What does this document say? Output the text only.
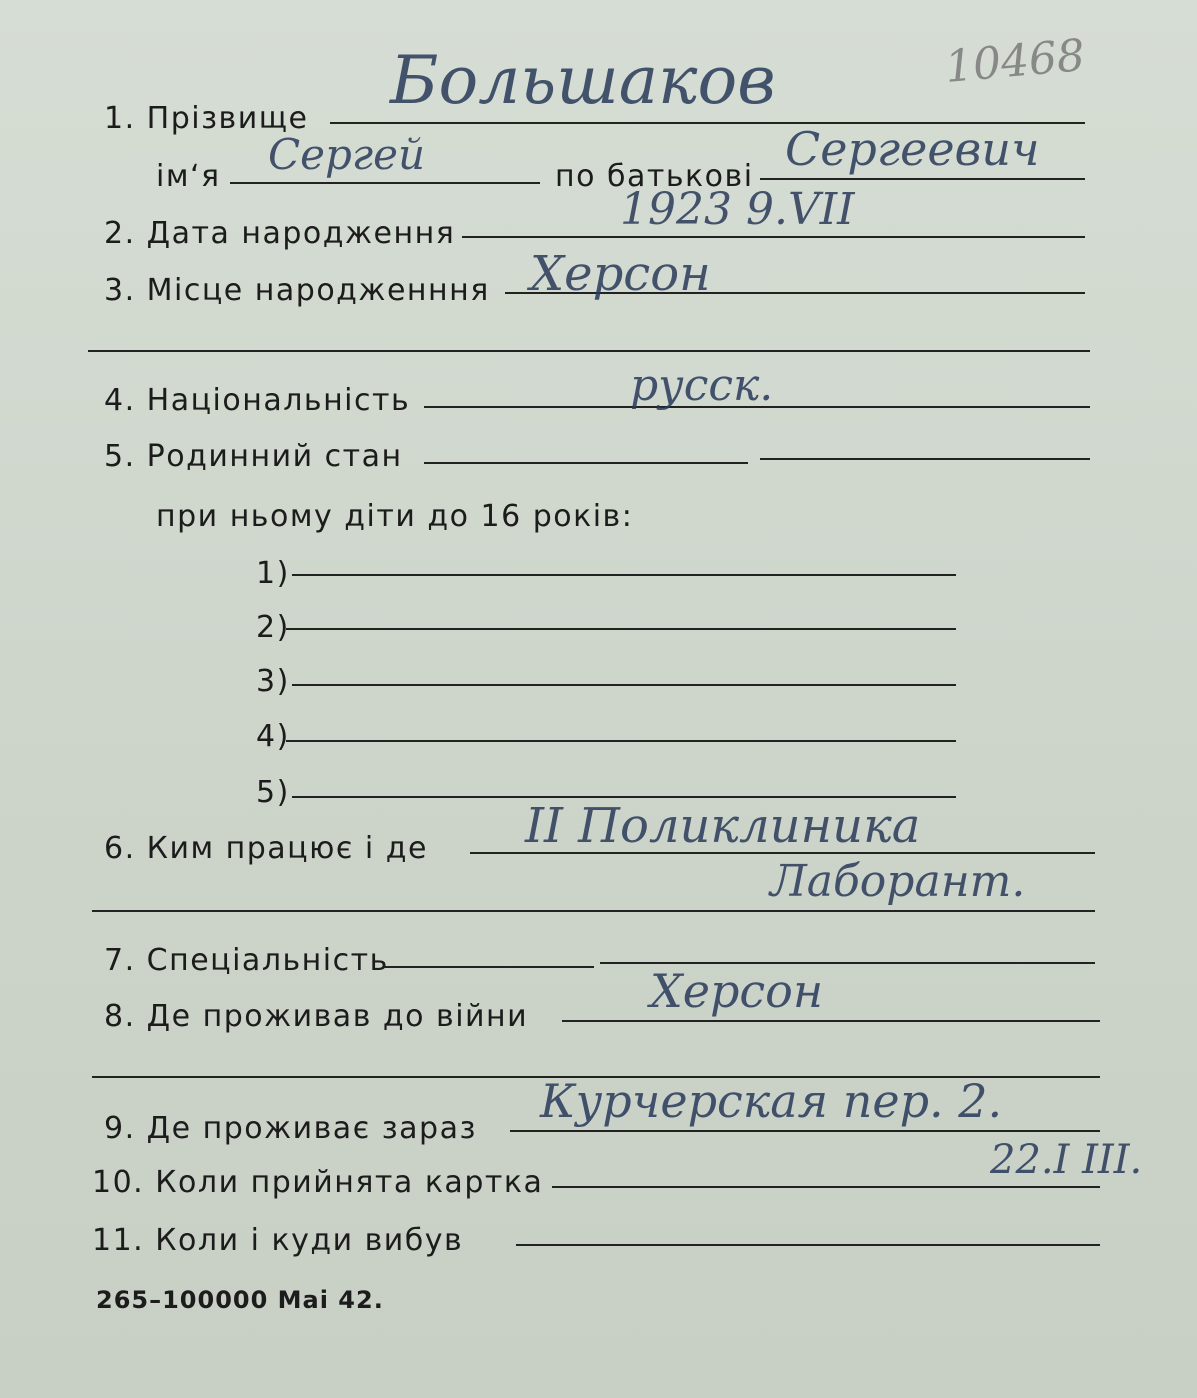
10468
1. Прізвище Большаков
ім‘я Сергей	по батькові
Сергеевич
2. Дата народження	1923 9.VII
3. Місце народженння Херсон
4. Національність	русск.
5. Родинний стан
при ньому діти до 16 років:
1)
2)
3)
4)
5)
6. Ким працює і де II Поликлиника
Лаборант.
7. Спеціальність
8. Де проживав до війни	Херсон
9. Де проживає зараз
Курчерская пер. 2.
10. Коли прийнята картка	22.I ІІІ.
11. Коли і куди вибув
265–100000 Mai 42.
